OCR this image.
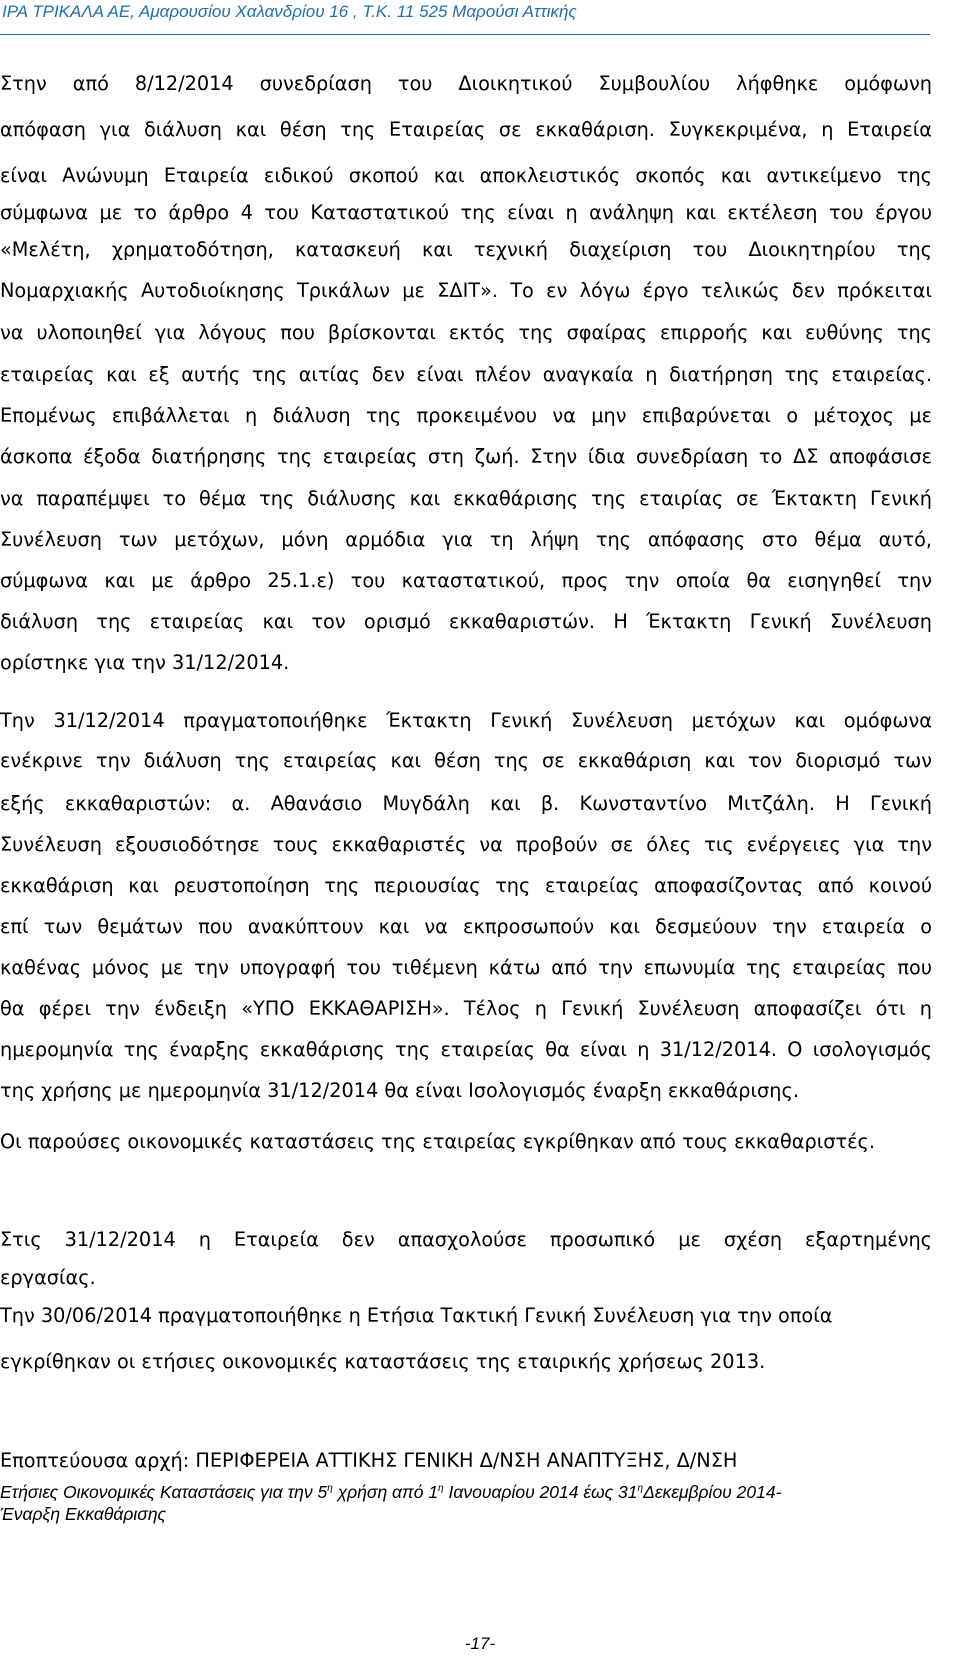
ΙΡΑ ΤΡΙΚΑΛΑ ΑΕ, Αμαρουσίου Χαλανδρίου 16 , Τ.Κ. 11 525 Μαρούσι Αττικής
Στην από 8/12/2014 συνεδρίαση του Διοικητικού Συμβουλίου λήφθηκε ομόφωνη
απόφαση για διάλυση και θέση της Εταιρείας σε εκκαθάριση. Συγκεκριμένα, η Εταιρεία
είναι Ανώνυμη Εταιρεία ειδικού σκοπού και αποκλειστικός σκοπός και αντικείμενο της
σύμφωνα με το άρθρο 4 του Καταστατικού της είναι η ανάληψη και εκτέλεση του έργου
«Μελέτη, χρηματοδότηση, κατασκευή και τεχνική διαχείριση του Διοικητηρίου της
Νομαρχιακής Αυτοδιοίκησης Τρικάλων με ΣΔΙΤ». Το εν λόγω έργο τελικώς δεν πρόκειται
να υλοποιηθεί για λόγους που βρίσκονται εκτός της σφαίρας επιρροής και ευθύνης της
εταιρείας και εξ αυτής της αιτίας δεν είναι πλέον αναγκαία η διατήρηση της εταιρείας.
Επομένως επιβάλλεται η διάλυση της προκειμένου να μην επιβαρύνεται ο μέτοχος με
άσκοπα έξοδα διατήρησης της εταιρείας στη ζωή. Στην ίδια συνεδρίαση το ΔΣ αποφάσισε
να παραπέμψει το θέμα της διάλυσης και εκκαθάρισης της εταιρίας σε Έκτακτη Γενική
Συνέλευση των μετόχων, μόνη αρμόδια για τη λήψη της απόφασης στο θέμα αυτό,
σύμφωνα και με άρθρο 25.1.ε) του καταστατικού, προς την οποία θα εισηγηθεί την
διάλυση της εταιρείας και τον ορισμό εκκαθαριστών. Η Έκτακτη Γενική Συνέλευση
ορίστηκε για την 31/12/2014.
Την 31/12/2014 πραγματοποιήθηκε Έκτακτη Γενική Συνέλευση μετόχων και ομόφωνα
ενέκρινε την διάλυση της εταιρείας και θέση της σε εκκαθάριση και τον διορισμό των
εξής εκκαθαριστών: α. Αθανάσιο Μυγδάλη και β. Κωνσταντίνο Μιτζάλη. Η Γενική
Συνέλευση εξουσιοδότησε τους εκκαθαριστές να προβούν σε όλες τις ενέργειες για την
εκκαθάριση και ρευστοποίηση της περιουσίας της εταιρείας αποφασίζοντας από κοινού
επί των θεμάτων που ανακύπτουν και να εκπροσωπούν και δεσμεύουν την εταιρεία ο
καθένας μόνος με την υπογραφή του τιθέμενη κάτω από την επωνυμία της εταιρείας που
θα φέρει την ένδειξη «ΥΠΟ ΕΚΚΑΘΑΡΙΣΗ». Τέλος η Γενική Συνέλευση αποφασίζει ότι η
ημερομηνία της έναρξης εκκαθάρισης της εταιρείας θα είναι η 31/12/2014. Ο ισολογισμός
της χρήσης με ημερομηνία 31/12/2014 θα είναι Ισολογισμός έναρξη εκκαθάρισης.
Οι παρούσες οικονομικές καταστάσεις της εταιρείας εγκρίθηκαν από τους εκκαθαριστές.
Στις 31/12/2014 η Εταιρεία δεν απασχολούσε προσωπικό με σχέση εξαρτημένης
εργασίας.
Την 30/06/2014 πραγματοποιήθηκε η Ετήσια Τακτική Γενική Συνέλευση για την οποία
εγκρίθηκαν οι ετήσιες οικονομικές καταστάσεις της εταιρικής χρήσεως 2013.
Εποπτεύουσα αρχή: ΠΕΡΙΦΕΡΕΙΑ ΑΤΤΙΚΗΣ ΓΕΝΙΚΗ Δ/ΝΣΗ ΑΝΑΠΤΥΞΗΣ, Δ/ΝΣΗ
Ετήσιες Οικονομικές Καταστάσεις για την $5^\eta$ χρήση από $1^\eta$ Ιανουαρίου 2014 έως $31^\eta\Delta\varepsilon\kappa\varepsilon\mu\beta\rho ίo\upsilon$ 2014-
Έναρξη Εκκαθάρισης
-17-
